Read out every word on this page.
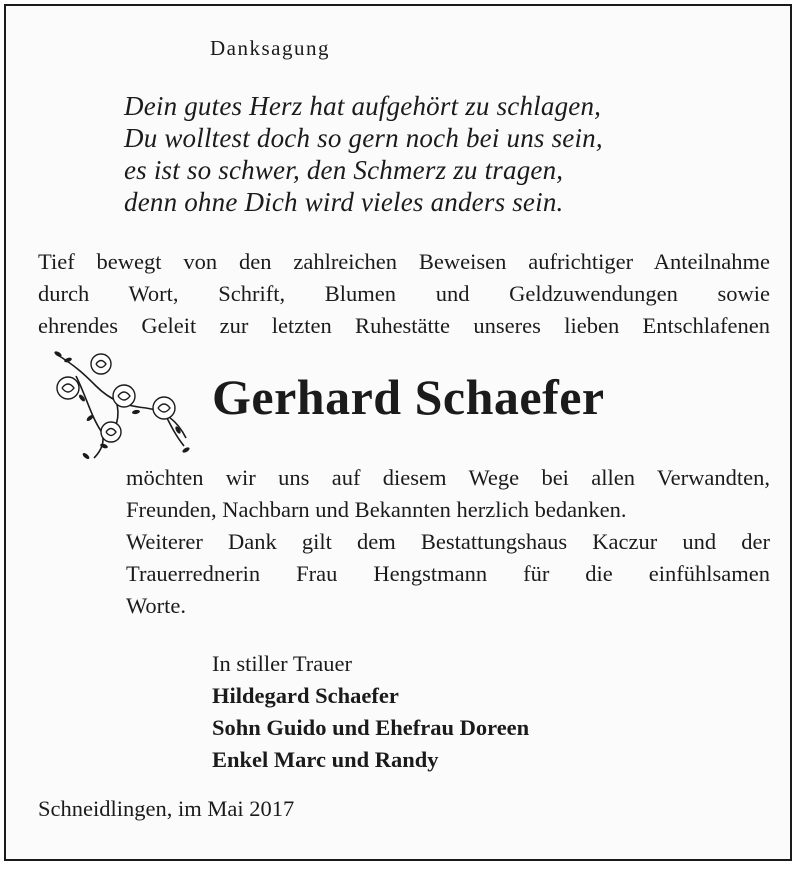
Danksagung
Dein gutes Herz hat aufgehört zu schlagen,
Du wolltest doch so gern noch bei uns sein,
es ist so schwer, den Schmerz zu tragen,
denn ohne Dich wird vieles anders sein.
Tief bewegt von den zahlreichen Beweisen aufrichtiger Anteilnahme
durch Wort, Schrift, Blumen und Geldzuwendungen sowie
ehrendes Geleit zur letzten Ruhestätte unseres lieben Entschlafenen
Gerhard Schaefer
möchten wir uns auf diesem Wege bei allen Verwandten,
Freunden, Nachbarn und Bekannten herzlich bedanken.
Weiterer Dank gilt dem Bestattungshaus Kaczur und der
Trauerrednerin Frau Hengstmann für die einfühlsamen
Worte.
In stiller Trauer
Hildegard Schaefer
Sohn Guido und Ehefrau Doreen
Enkel Marc und Randy
Schneidlingen, im Mai 2017
